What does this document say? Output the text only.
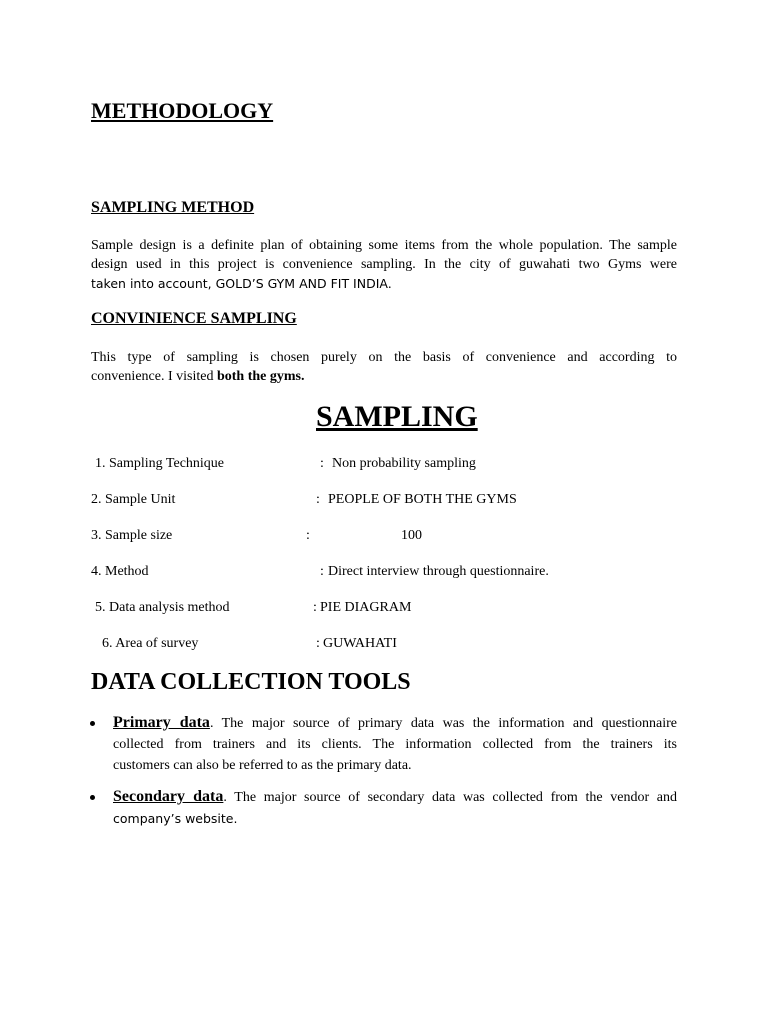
METHODOLOGY
SAMPLING METHOD
Sample design is a definite plan of obtaining some items from the whole population. The sample
design used in this project is convenience sampling. In the city of guwahati two Gyms were
taken into account, GOLD’S GYM AND FIT INDIA.
CONVINIENCE SAMPLING
This type of sampling is chosen purely on the basis of convenience and according to
convenience. I visited both the gyms.
SAMPLING
1. Sampling Technique	: Non probability sampling
2. Sample Unit	: PEOPLE OF BOTH THE GYMS
3. Sample size	:	100
4. Method	: Direct interview through questionnaire.
5. Data analysis method	: PIE DIAGRAM
6. Area of survey	: GUWAHATI
DATA COLLECTION TOOLS
Primary data. The major source of primary data was the information and questionnaire
collected from trainers and its clients. The information collected from the trainers its
customers can also be referred to as the primary data.
Secondary data. The major source of secondary data was collected from the vendor and
company’s website.
